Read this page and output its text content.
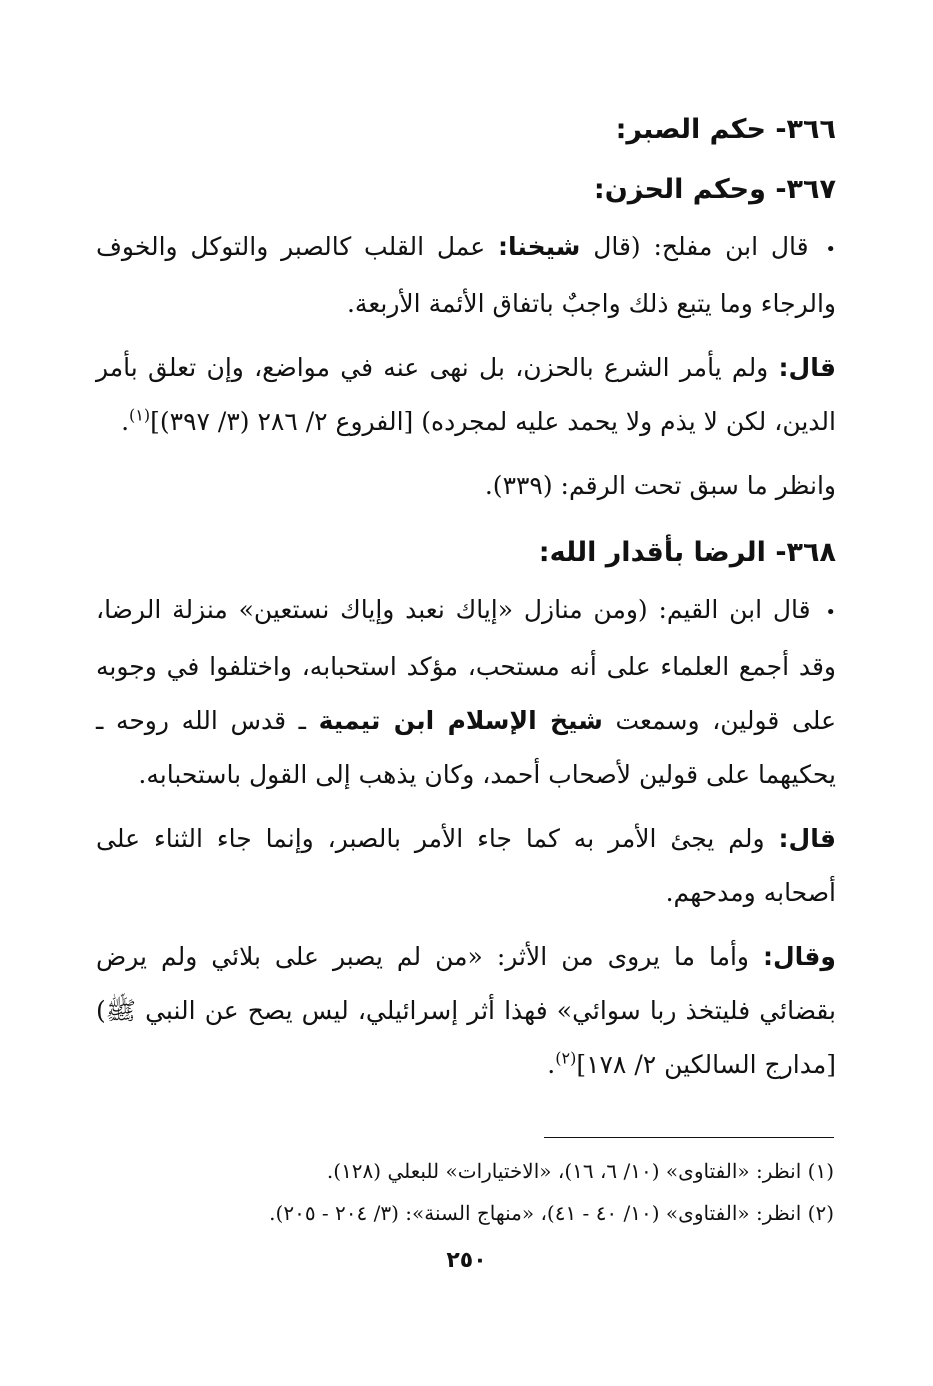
٣٦٦- حكم الصبر:

٣٦٧- وحكم الحزن:

• قال ابن مفلح: (قال شيخنا: عمل القلب كالصبر والتوكل والخوف والرجاء وما يتبع ذلك واجبٌ باتفاق الأئمة الأربعة.

قال: ولم يأمر الشرع بالحزن، بل نهى عنه في مواضع، وإن تعلق بأمر الدين، لكن لا يذم ولا يحمد عليه لمجرده) [الفروع ٢/ ٢٨٦ (٣/ ٣٩٧)]$^{(١)}$.

وانظر ما سبق تحت الرقم: (٣٣٩).

٣٦٨- الرضا بأقدار الله:

• قال ابن القيم: (ومن منازل «إياك نعبد وإياك نستعين» منزلة الرضا، وقد أجمع العلماء على أنه مستحب، مؤكد استحبابه، واختلفوا في وجوبه على قولين، وسمعت شيخ الإسلام ابن تيمية ـ قدس الله روحه ـ يحكيهما على قولين لأصحاب أحمد، وكان يذهب إلى القول باستحبابه.

قال: ولم يجئ الأمر به كما جاء الأمر بالصبر، وإنما جاء الثناء على أصحابه ومدحهم.

وقال: وأما ما يروى من الأثر: «من لم يصبر على بلائي ولم يرض بقضائي فليتخذ ربا سوائي» فهذا أثر إسرائيلي، ليس يصح عن النبي ﷺ) [مدارج السالكين ٢/ ١٧٨]$^{(٢)}$.

(١) انظر: «الفتاوى» (١٠/ ٦، ١٦)، «الاختيارات» للبعلي (١٢٨).

(٢) انظر: «الفتاوى» (١٠/ ٤٠ - ٤١)، «منهاج السنة»: (٣/ ٢٠٤ - ٢٠٥).

٢٥٠
